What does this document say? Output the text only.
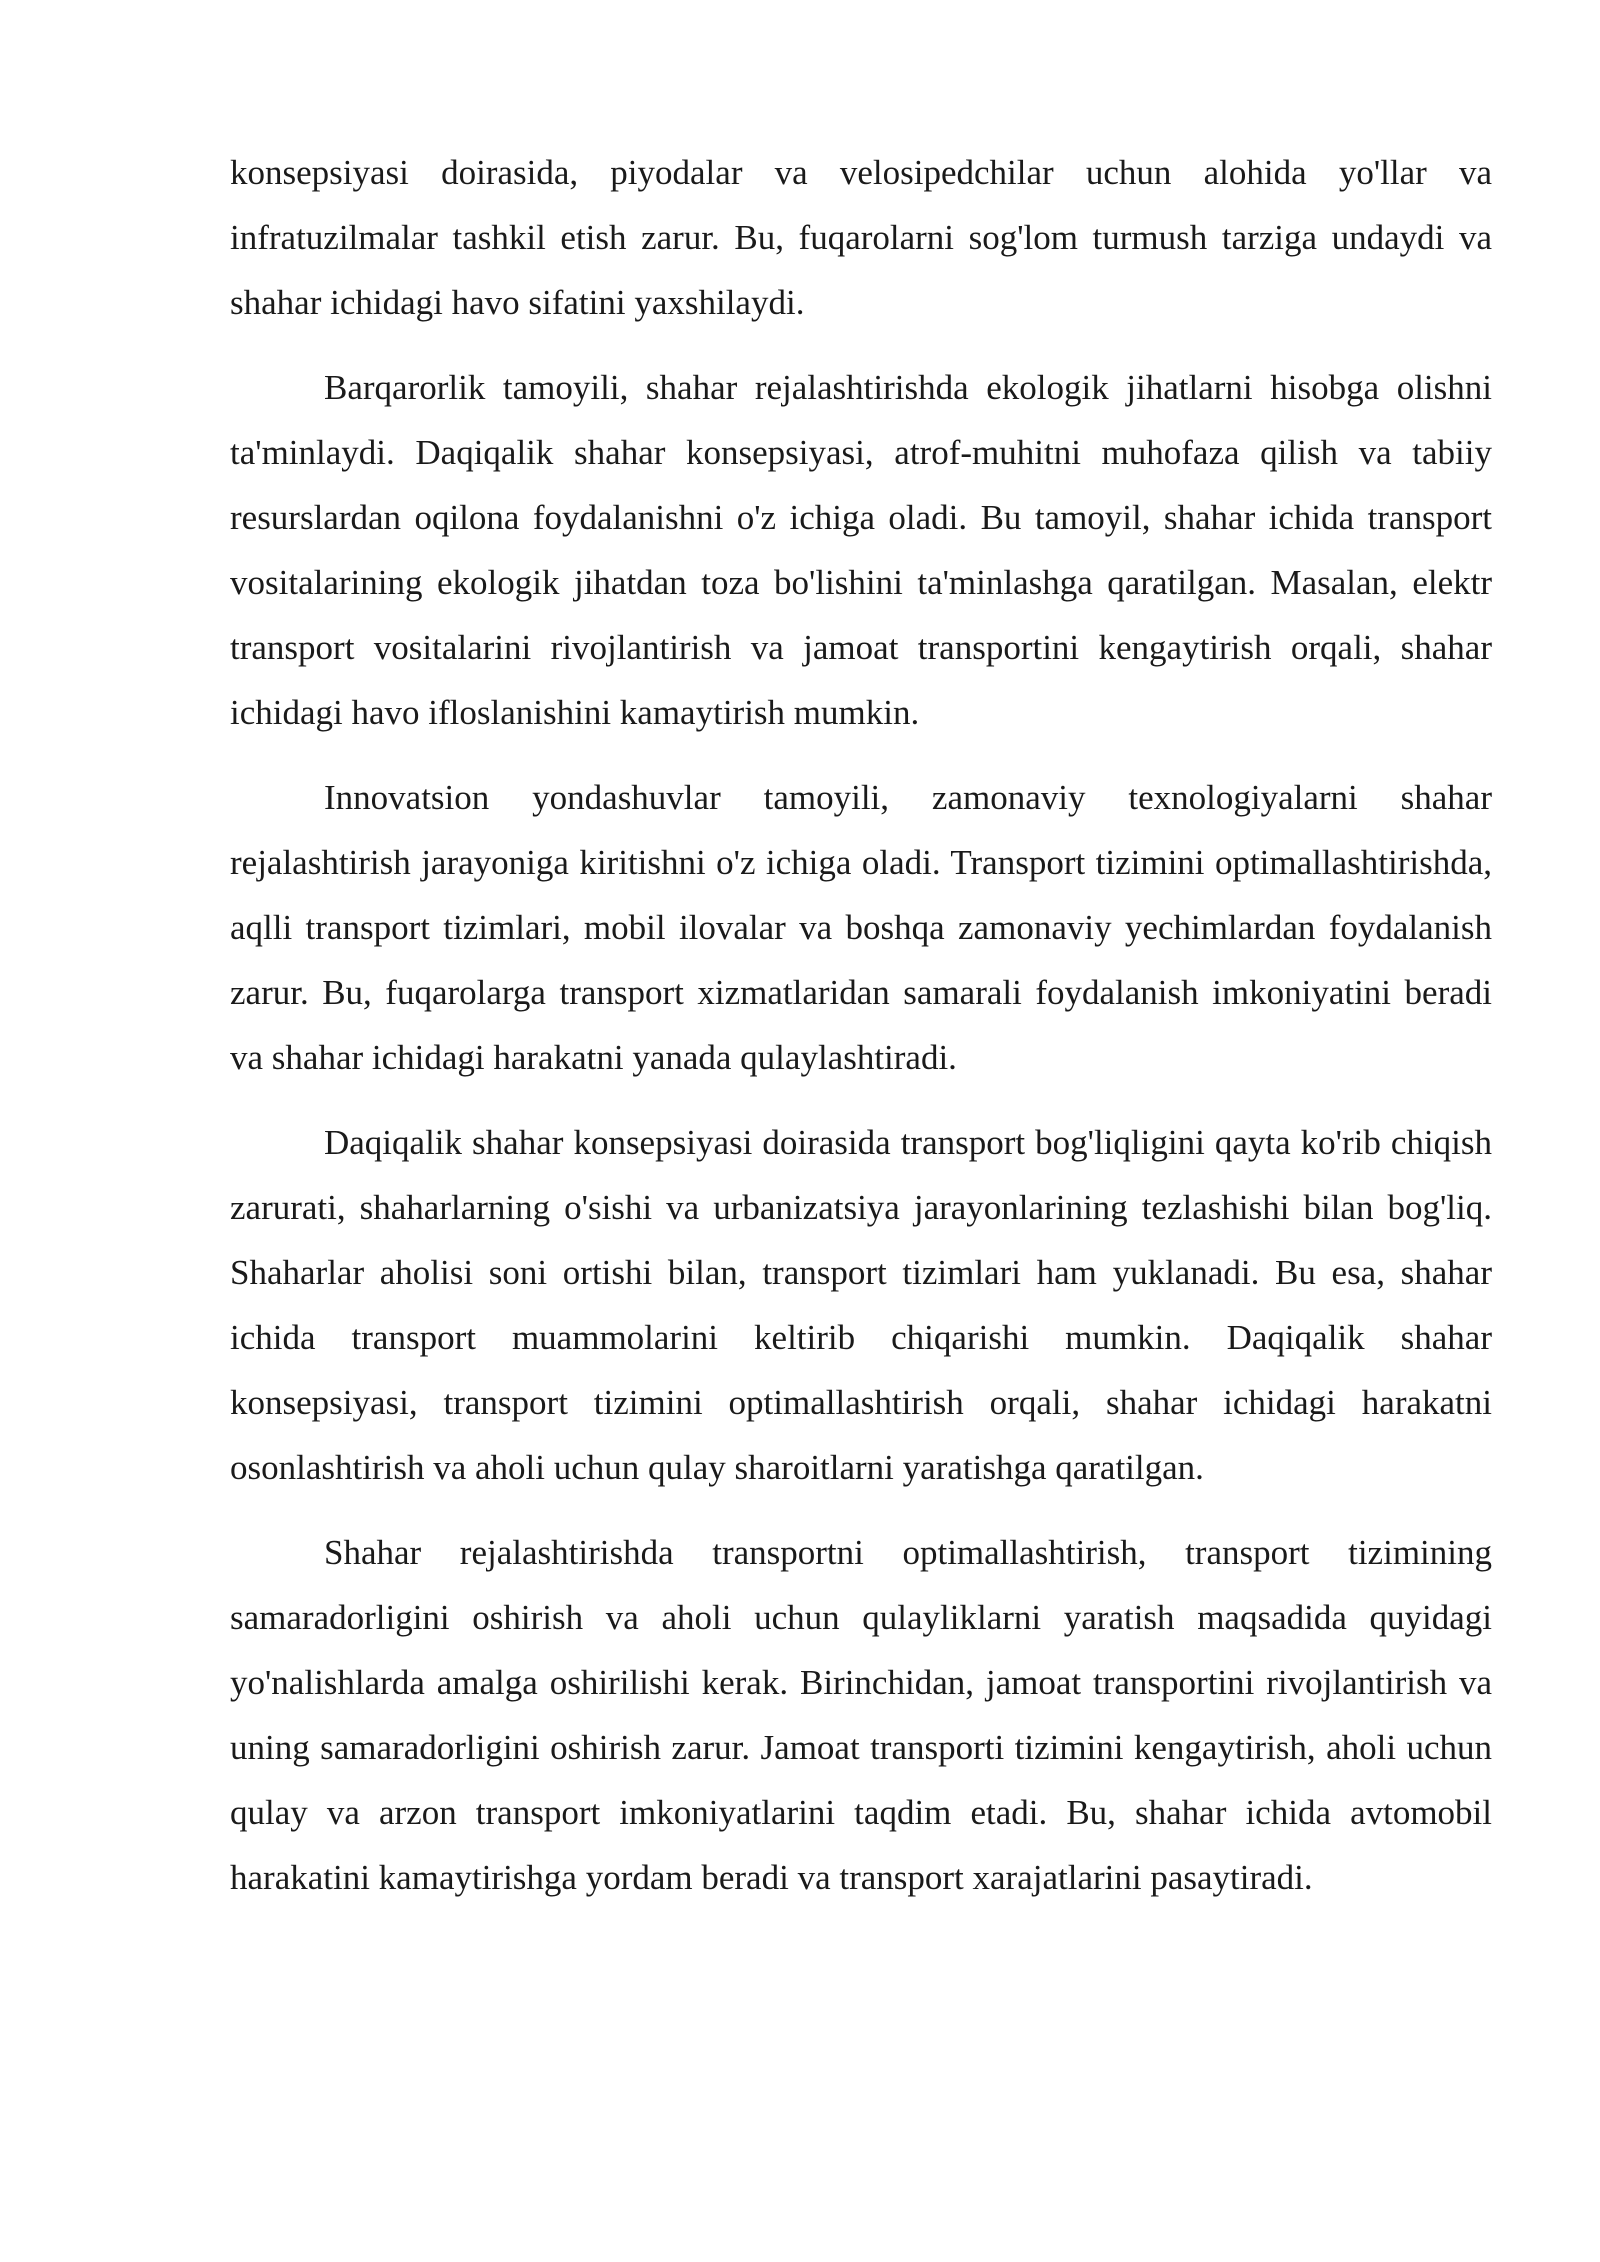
konsepsiyasi doirasida, piyodalar va velosipedchilar uchun alohida yo'llar va infratuzilmalar tashkil etish zarur. Bu, fuqarolarni sog'lom turmush tarziga undaydi va shahar ichidagi havo sifatini yaxshilaydi.

Barqarorlik tamoyili, shahar rejalashtirishda ekologik jihatlarni hisobga olishni ta'minlaydi. Daqiqalik shahar konsepsiyasi, atrof-muhitni muhofaza qilish va tabiiy resurslardan oqilona foydalanishni o'z ichiga oladi. Bu tamoyil, shahar ichida transport vositalarining ekologik jihatdan toza bo'lishini ta'minlashga qaratilgan. Masalan, elektr transport vositalarini rivojlantirish va jamoat transportini kengaytirish orqali, shahar ichidagi havo ifloslanishini kamaytirish mumkin.

Innovatsion yondashuvlar tamoyili, zamonaviy texnologiyalarni shahar rejalashtirish jarayoniga kiritishni o'z ichiga oladi. Transport tizimini optimallashtirishda, aqlli transport tizimlari, mobil ilovalar va boshqa zamonaviy yechimlardan foydalanish zarur. Bu, fuqarolarga transport xizmatlaridan samarali foydalanish imkoniyatini beradi va shahar ichidagi harakatni yanada qulaylashtiradi.

Daqiqalik shahar konsepsiyasi doirasida transport bog'liqligini qayta ko'rib chiqish zarurati, shaharlarning o'sishi va urbanizatsiya jarayonlarining tezlashishi bilan bog'liq. Shaharlar aholisi soni ortishi bilan, transport tizimlari ham yuklanadi. Bu esa, shahar ichida transport muammolarini keltirib chiqarishi mumkin. Daqiqalik shahar konsepsiyasi, transport tizimini optimallashtirish orqali, shahar ichidagi harakatni osonlashtirish va aholi uchun qulay sharoitlarni yaratishga qaratilgan.

Shahar rejalashtirishda transportni optimallashtirish, transport tizimining samaradorligini oshirish va aholi uchun qulayliklarni yaratish maqsadida quyidagi yo'nalishlarda amalga oshirilishi kerak. Birinchidan, jamoat transportini rivojlantirish va uning samaradorligini oshirish zarur. Jamoat transporti tizimini kengaytirish, aholi uchun qulay va arzon transport imkoniyatlarini taqdim etadi. Bu, shahar ichida avtomobil harakatini kamaytirishga yordam beradi va transport xarajatlarini pasaytiradi.
